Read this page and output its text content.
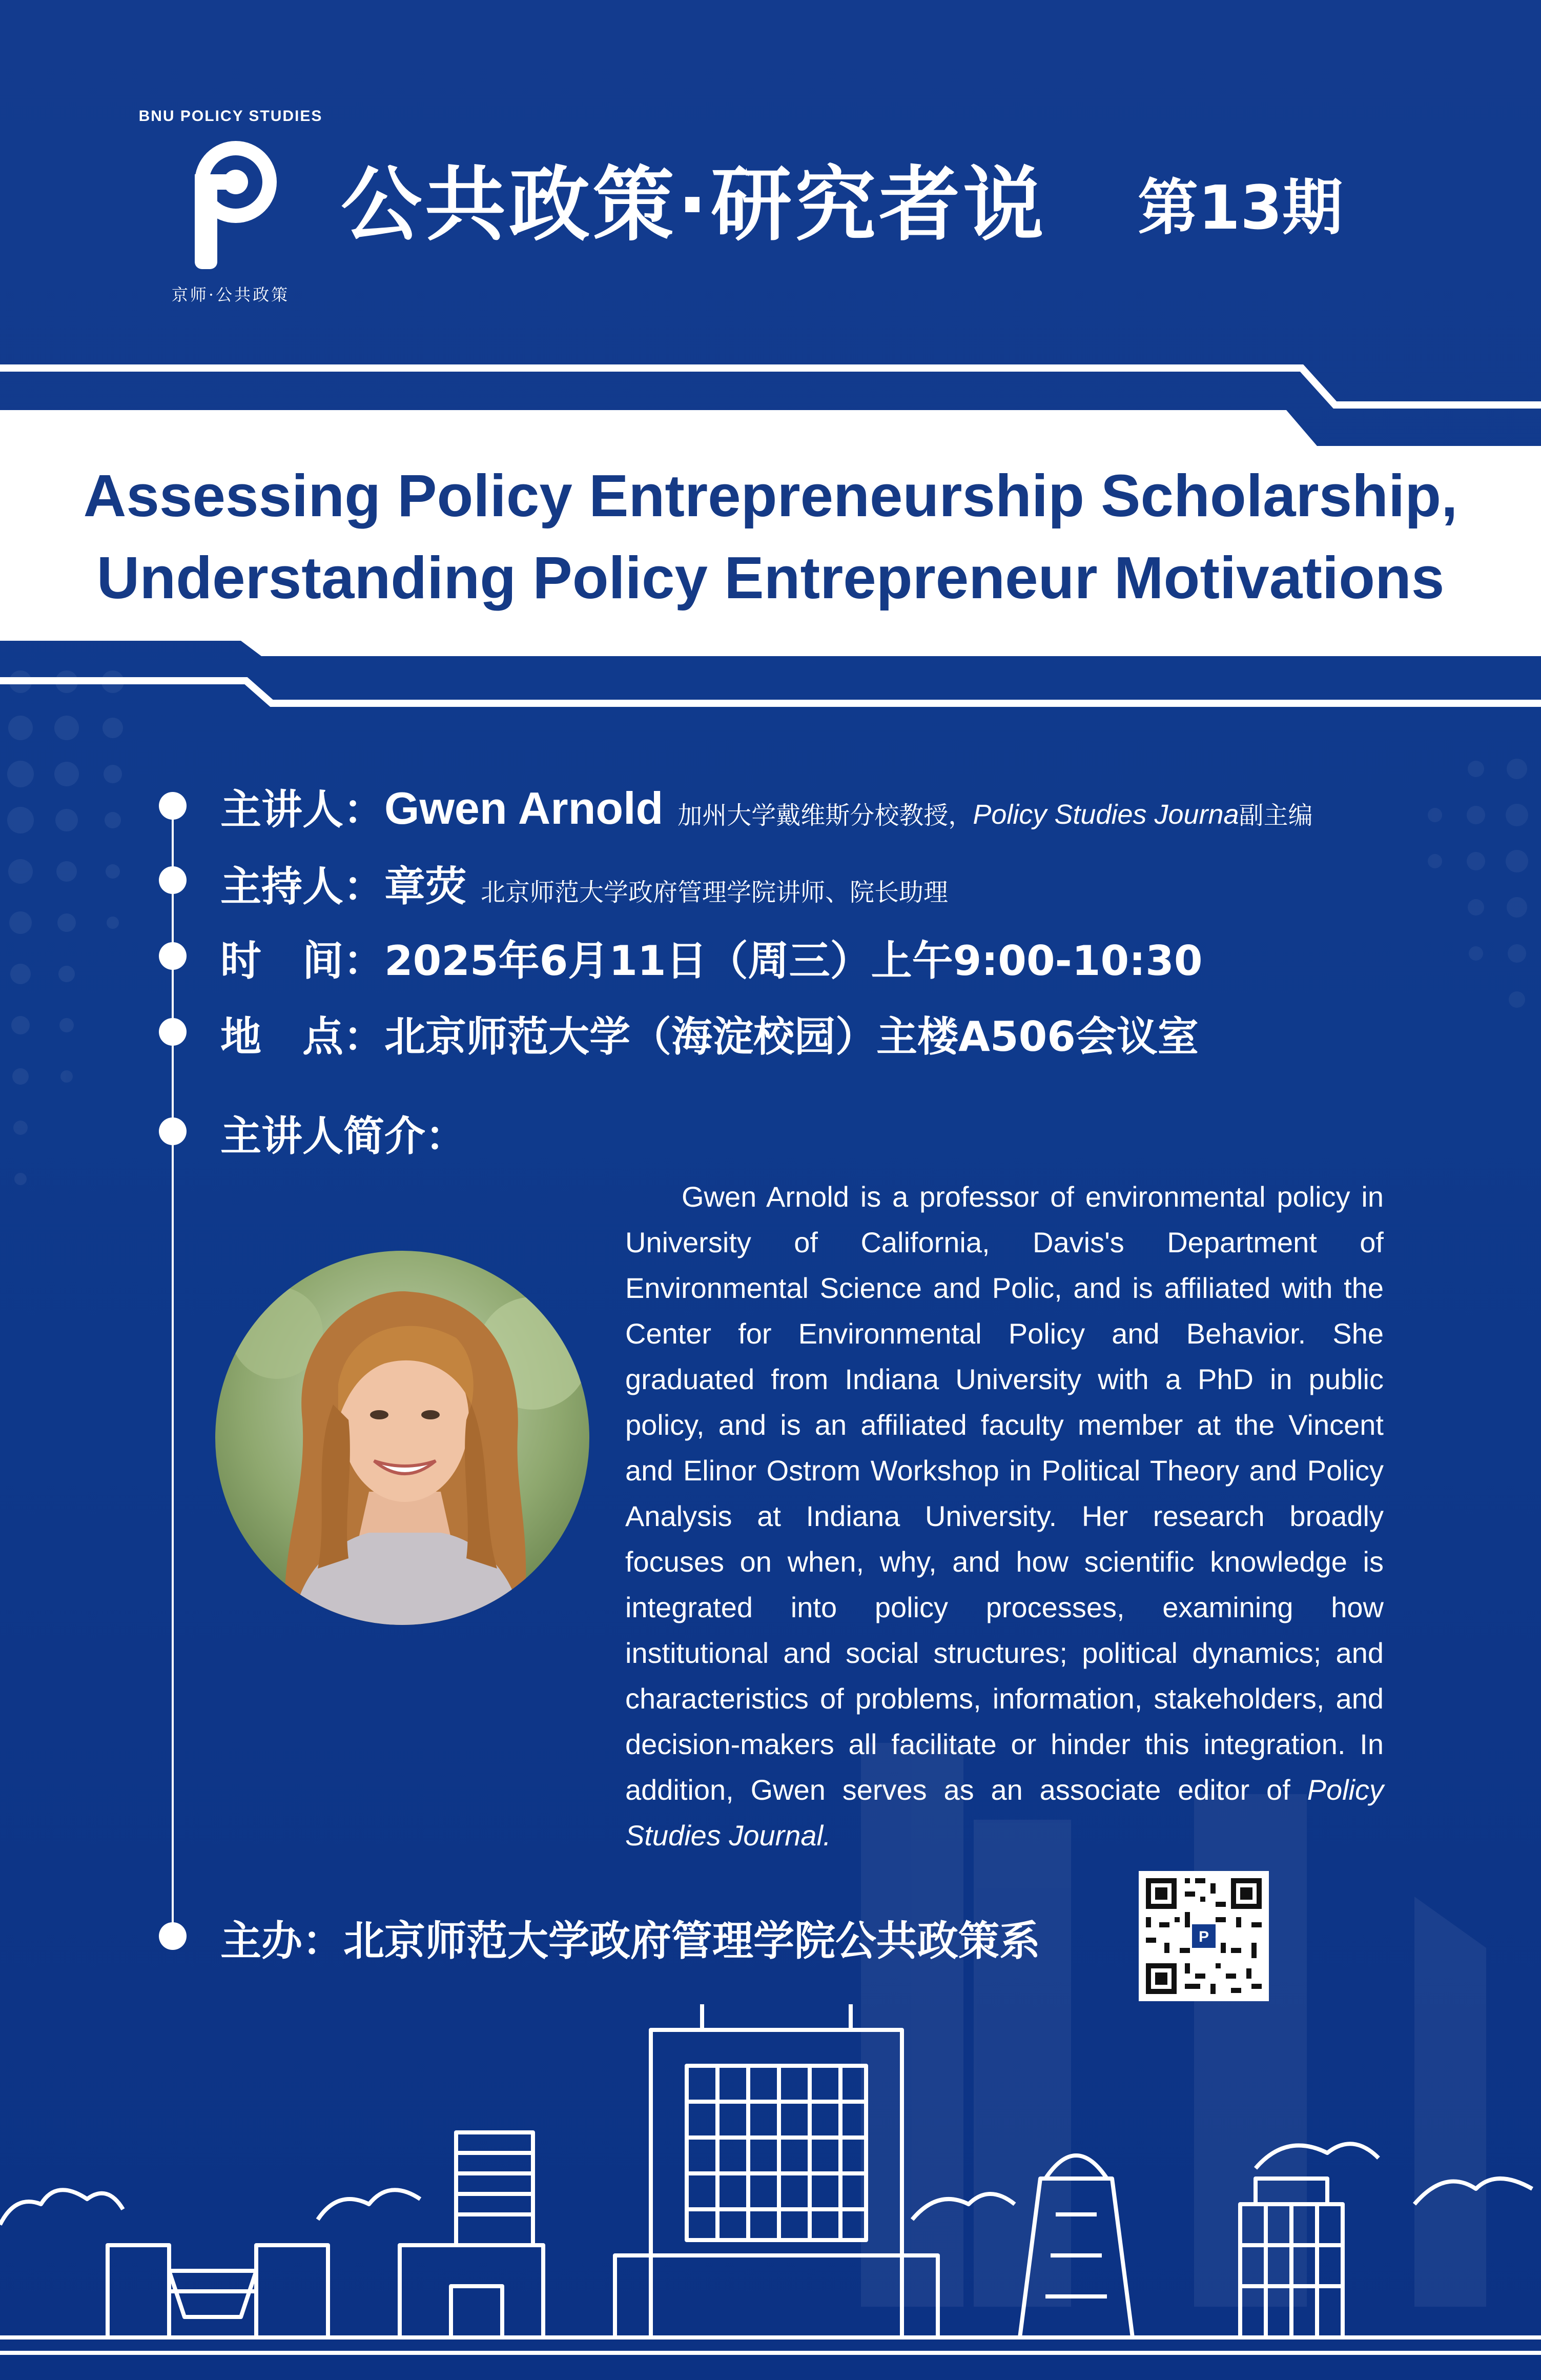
BNU POLICY STUDIES
京师·公共政策
公共政策·研究者说 第13期
Assessing Policy Entrepreneurship Scholarship,
Understanding Policy Entrepreneur Motivations
主讲人：Gwen Arnold 加州大学戴维斯分校教授，Policy Studies Journa副主编
主持人：章荧 北京师范大学政府管理学院讲师、院长助理
时　间：2025年6月11日（周三）上午9:00-10:30
地　点：北京师范大学（海淀校园）主楼A506会议室
主讲人简介：
Gwen Arnold is a professor of environmental policy in University of California, Davis's Department of Environmental Science and Polic, and is affiliated with the Center for Environmental Policy and Behavior. She graduated from Indiana University with a PhD in public policy, and is an affiliated faculty member at the Vincent and Elinor Ostrom Workshop in Political Theory and Policy Analysis at Indiana University. Her research broadly focuses on when, why, and how scientific knowledge is integrated into policy processes, examining how institutional and social structures; political dynamics; and characteristics of problems, information, stakeholders, and decision-makers all facilitate or hinder this integration. In addition, Gwen serves as an associate editor of Policy Studies Journal.
主办：北京师范大学政府管理学院公共政策系	P
